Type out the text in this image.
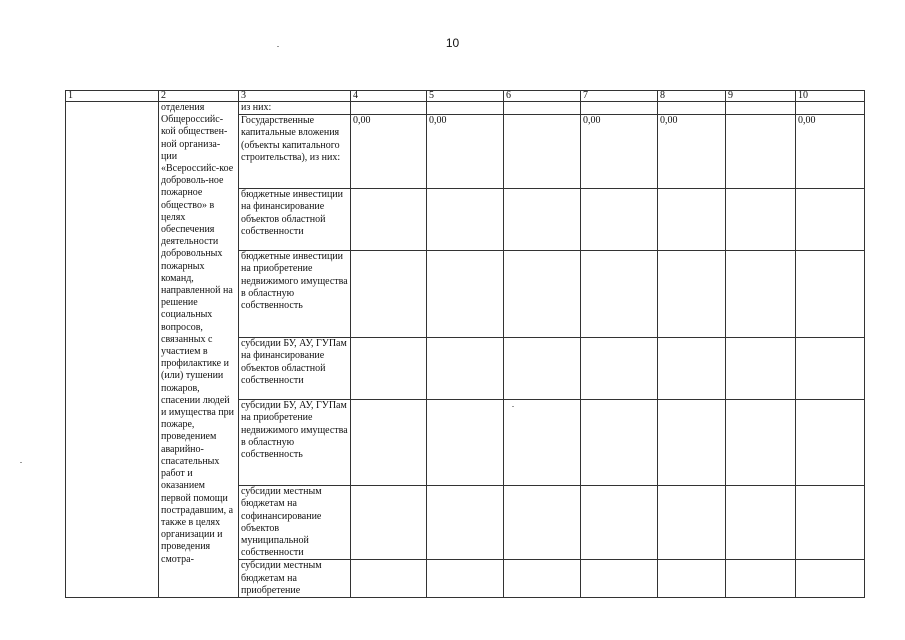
10
1	2	3	4	5	6	7	8	9	10
	отделения Общероссийс-кой обществен-ной организа-ции «Всероссийс-кое доброволь-ное пожарное общество» в целях обеспечения деятельности добровольных пожарных команд, направленной на решение социальных вопросов, связанных с участием в профилактике и (или) тушении пожаров, спасении людей и имущества при пожаре, проведением аварийно-спасательных работ и оказанием первой помощи пострадавшим, а также в целях организации и проведения смотра-	из них:							
		Государственные капитальные вложения (объекты капитального строительства), из них:	0,00	0,00		0,00	0,00		0,00
		бюджетные инвестиции на финансирование объектов областной собственности							
		бюджетные инвестиции на приобретение недвижимого имущества в областную собственность							
		субсидии БУ, АУ, ГУПам на финансирование объектов областной собственности							
		субсидии БУ, АУ, ГУПам на приобретение недвижимого имущества в областную собственность							
		субсидии местным бюджетам на софинансирование объектов муниципальной собственности							
		субсидии местным бюджетам на приобретение							
